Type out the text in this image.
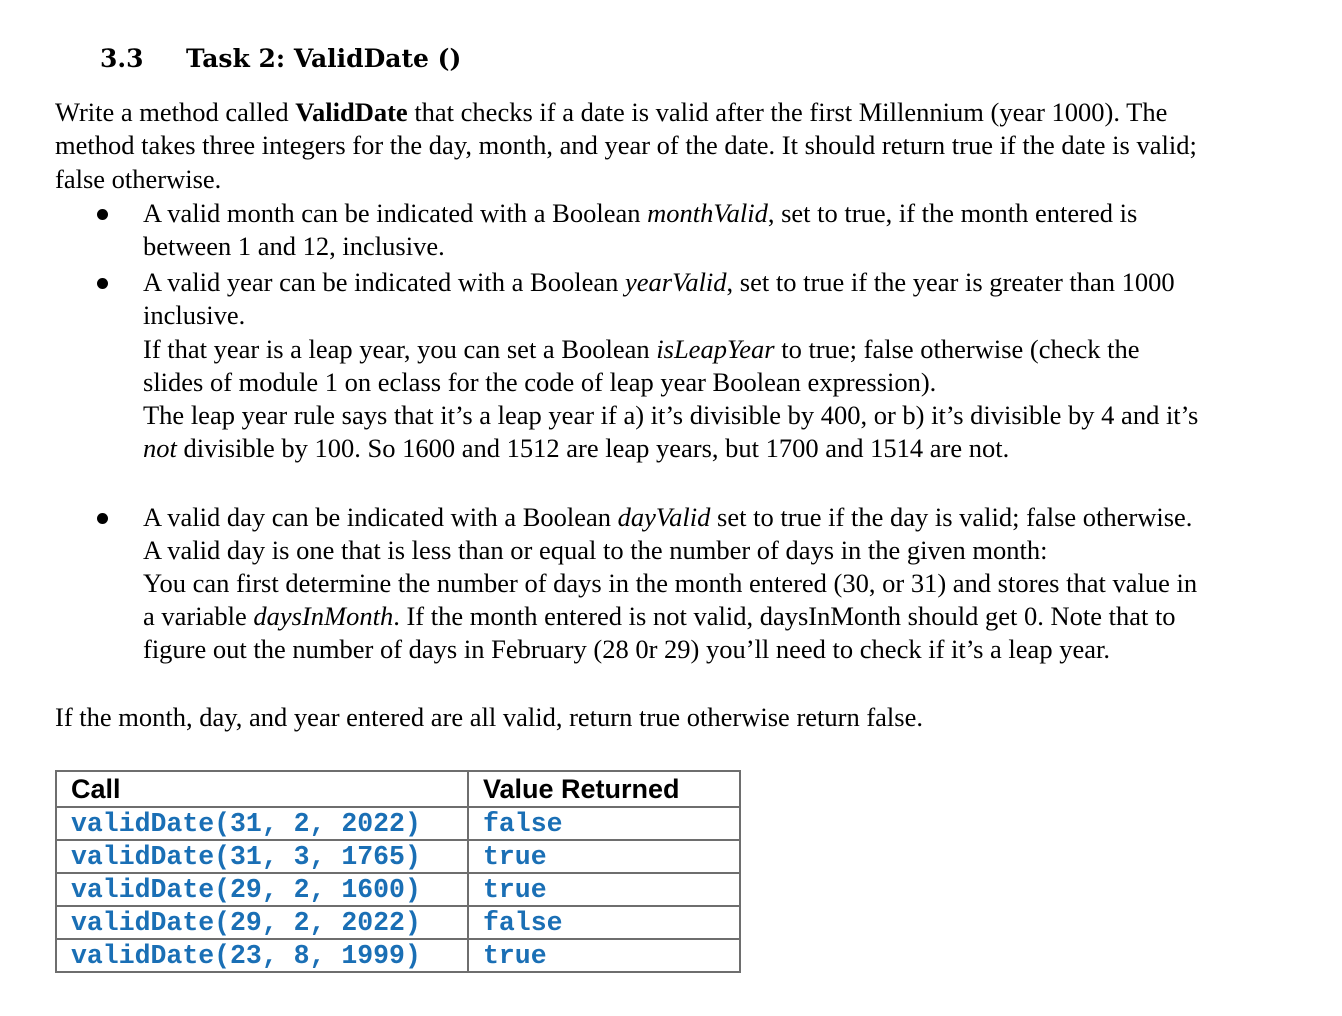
3.3 Task 2: ValidDate ()
Write a method called ValidDate that checks if a date is valid after the first Millennium (year 1000). The
method takes three integers for the day, month, and year of the date. It should return true if the date is valid;
false otherwise.
A valid month can be indicated with a Boolean monthValid, set to true, if the month entered is
between 1 and 12, inclusive.
A valid year can be indicated with a Boolean yearValid, set to true if the year is greater than 1000
inclusive.
If that year is a leap year, you can set a Boolean isLeapYear to true; false otherwise (check the
slides of module 1 on eclass for the code of leap year Boolean expression).
The leap year rule says that it’s a leap year if a) it’s divisible by 400, or b) it’s divisible by 4 and it’s
not divisible by 100. So 1600 and 1512 are leap years, but 1700 and 1514 are not.
A valid day can be indicated with a Boolean dayValid set to true if the day is valid; false otherwise.
A valid day is one that is less than or equal to the number of days in the given month:
You can first determine the number of days in the month entered (30, or 31) and stores that value in
a variable daysInMonth. If the month entered is not valid, daysInMonth should get 0. Note that to
figure out the number of days in February (28 0r 29) you’ll need to check if it’s a leap year.
If the month, day, and year entered are all valid, return true otherwise return false.
Call	Value Returned
validDate(31, 2, 2022)	false
validDate(31, 3, 1765)	true
validDate(29, 2, 1600)	true
validDate(29, 2, 2022)	false
validDate(23, 8, 1999)	true
